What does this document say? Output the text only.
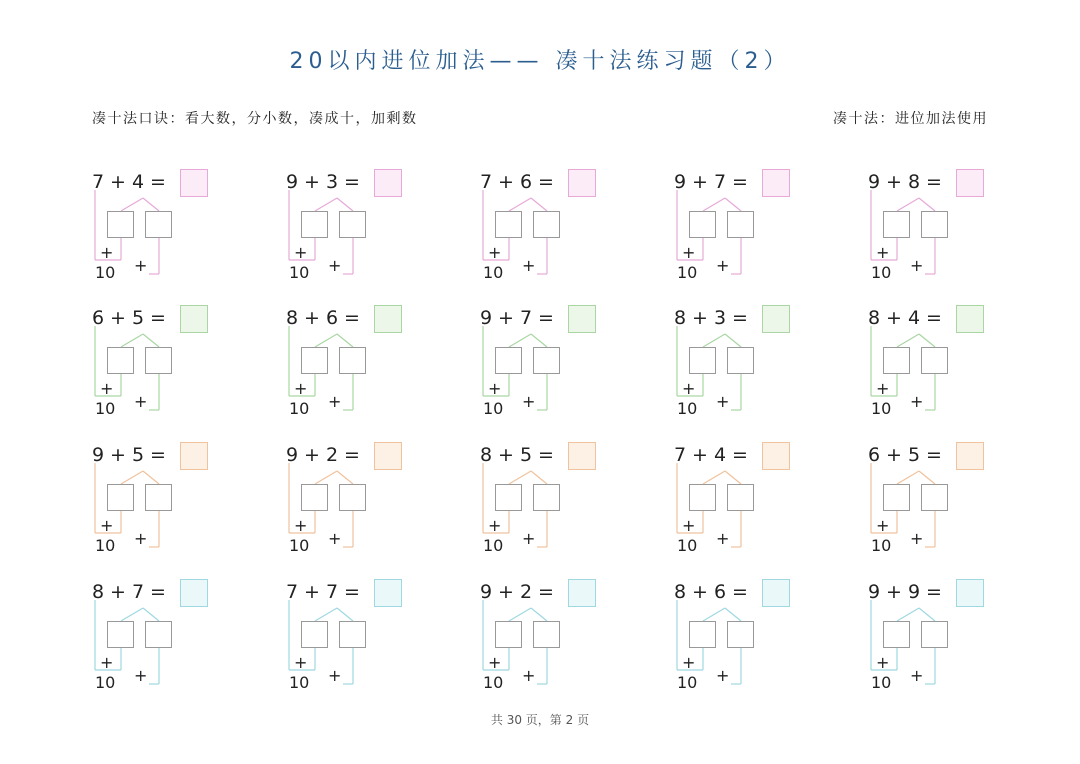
20以内进位加法—— 凑十法练习题（2）
凑十法口诀：看大数，分小数，凑成十，加剩数	凑十法：进位加法使用
7 + 4 =
+
10 +
9 + 3 =
+
10 +
7 + 6 =
+
10 +
9 + 7 =
+
10 +
9 + 8 =
+
10 +
6 + 5 =
+
10 +
8 + 6 =
+
10 +
9 + 7 =
+
10 +
8 + 3 =
+
10 +
8 + 4 =
+
10 +
9 + 5 =
+
10 +
9 + 2 =
+
10 +
8 + 5 =
+
10 +
7 + 4 =
+
10 +
6 + 5 =
+
10 +
8 + 7 =
+
10 +
7 + 7 =
+
10 +
9 + 2 =
+
10 +
8 + 6 =
+
10 +
9 + 9 =
+
10 +
共 30 页，第 2 页
